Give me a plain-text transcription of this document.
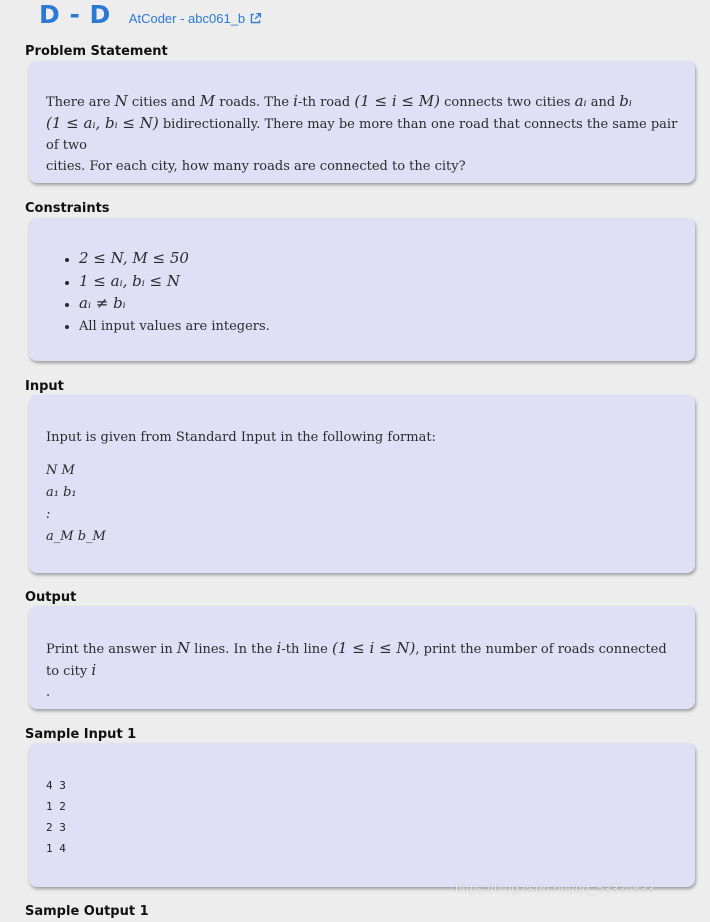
D - D AtCoder - abc061_b
Problem Statement

There are N cities and M roads. The i-th road (1 ≤ i ≤ M) connects two cities aᵢ and bᵢ

(1 ≤ aᵢ, bᵢ ≤ N) bidirectionally. There may be more than one road that connects the same pair of two

cities. For each city, how many roads are connected to the city?

Constraints
• 2 ≤ N, M ≤ 50
• 1 ≤ aᵢ, bᵢ ≤ N
• aᵢ ≠ bᵢ
• All input values are integers.
Input

Input is given from Standard Input in the following format:

N M
a₁ b₁
:
a_M b_M
Output

Print the answer in N lines. In the i-th line (1 ≤ i ≤ N), print the number of roads connected to city i

.

Sample Input 1
4 3
1 2
2 3
1 4
https://blog.csdn.net/qq_53324833
Sample Output 1
